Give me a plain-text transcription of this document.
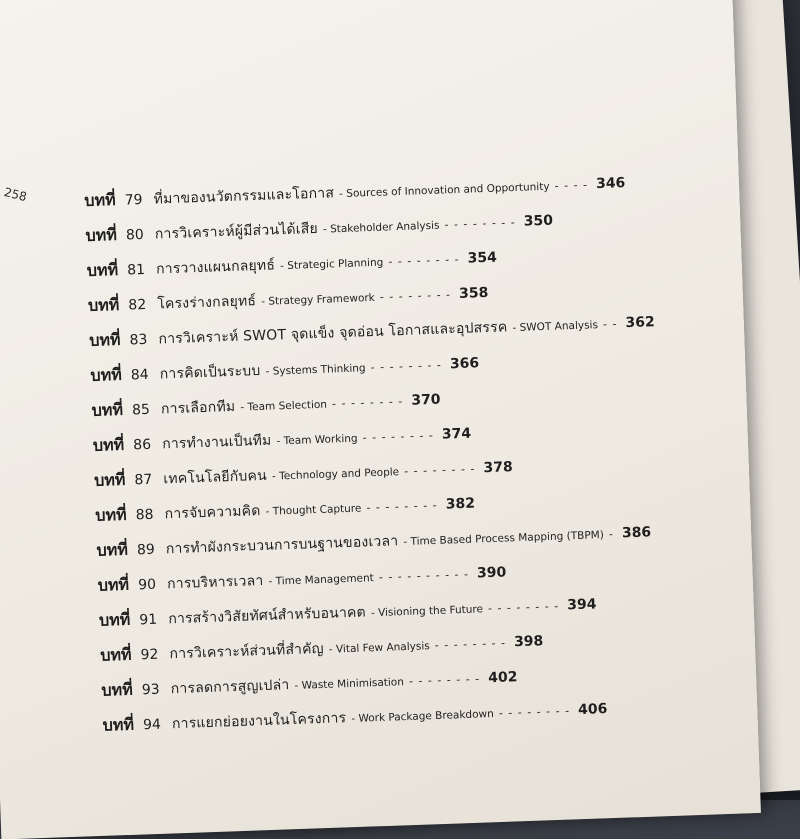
258	บทที่ 79 ที่มาของนวัตกรรมและโอกาส - Sources of Innovation and Opportunity - - - - 346
บทที่ 80 การวิเคราะห์ผู้มีส่วนได้เสีย - Stakeholder Analysis - - - - - - - - 350
บทที่ 81 การวางแผนกลยุทธ์ - Strategic Planning - - - - - - - - 354
บทที่ 82 โครงร่างกลยุทธ์ - Strategy Framework - - - - - - - - 358
บทที่ 83 การวิเคราะห์ SWOT จุดแข็ง จุดอ่อน โอกาสและอุปสรรค - SWOT Analysis - - 362
บทที่ 84 การคิดเป็นระบบ - Systems Thinking - - - - - - - - 366
บทที่ 85 การเลือกทีม - Team Selection - - - - - - - - 370
บทที่ 86 การทำงานเป็นทีม - Team Working - - - - - - - - 374
บทที่ 87 เทคโนโลยีกับคน - Technology and People - - - - - - - - 378
บทที่ 88 การจับความคิด - Thought Capture - - - - - - - - 382
บทที่ 89 การทำผังกระบวนการบนฐานของเวลา - Time Based Process Mapping (TBPM) - 386
บทที่ 90 การบริหารเวลา - Time Management - - - - - - - - - - 390
บทที่ 91 การสร้างวิสัยทัศน์สำหรับอนาคต - Visioning the Future - - - - - - - - 394
บทที่ 92 การวิเคราะห์ส่วนที่สำคัญ - Vital Few Analysis - - - - - - - - 398
บทที่ 93 การลดการสูญเปล่า - Waste Minimisation - - - - - - - - 402
บทที่ 94 การแยกย่อยงานในโครงการ - Work Package Breakdown - - - - - - - - 406
